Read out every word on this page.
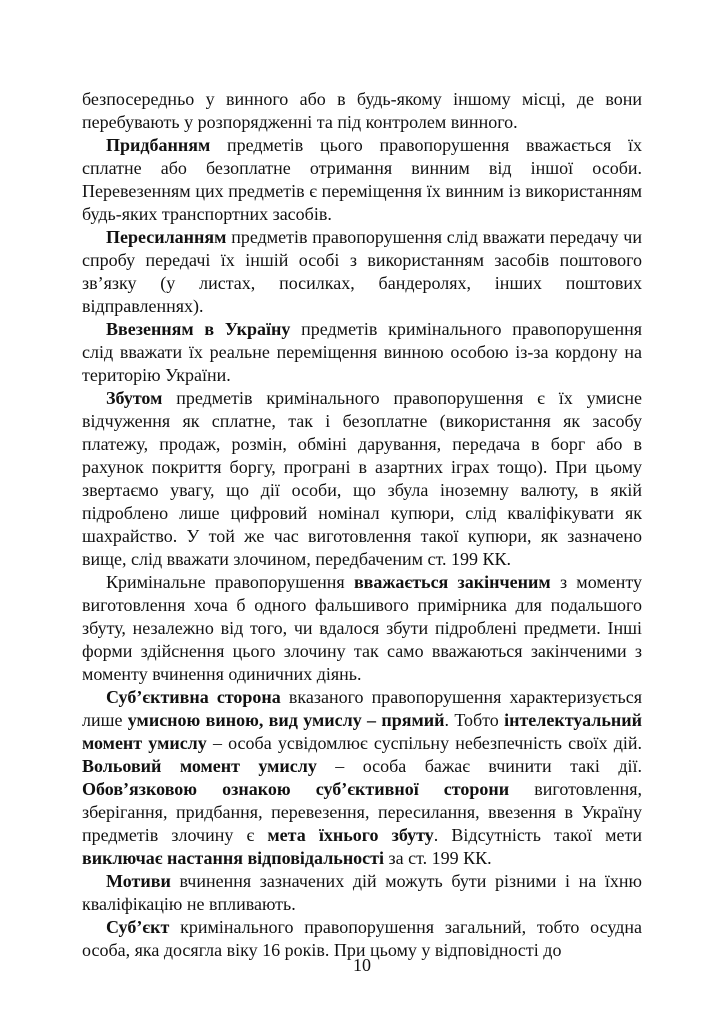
безпосередньо у винного або в будь-якому іншому місці, де вони перебувають у розпорядженні та під контролем винного.

Придбанням предметів цього правопорушення вважається їх сплатне або безоплатне отримання винним від іншої особи. Перевезенням цих предметів є переміщення їх винним із використанням будь-яких транспортних засобів.

Пересиланням предметів правопорушення слід вважати передачу чи спробу передачі їх іншій особі з використанням засобів поштового зв’язку (у листах, посилках, бандеролях, інших поштових відправленнях).

Ввезенням в Україну предметів кримінального правопорушення слід вважати їх реальне переміщення винною особою із-за кордону на територію України.

Збутом предметів кримінального правопорушення є їх умисне відчуження як сплатне, так і безоплатне (використання як засобу платежу, продаж, розмін, обміні дарування, передача в борг або в рахунок покриття боргу, програні в азартних іграх тощо). При цьому звертаємо увагу, що дії особи, що збула іноземну валюту, в якій підроблено лише цифровий номінал купюри, слід кваліфікувати як шахрайство. У той же час виготовлення такої купюри, як зазначено вище, слід вважати злочином, передбаченим ст. 199 КК.

Кримінальне правопорушення вважається закінченим з моменту виготовлення хоча б одного фальшивого примірника для подальшого збуту, незалежно від того, чи вдалося збути підроблені предмети. Інші форми здійснення цього злочину так само вважаються закінченими з моменту вчинення одиничних діянь.

Суб’єктивна сторона вказаного правопорушення характеризується лише умисною виною, вид умислу – прямий. Тобто інтелектуальний момент умислу – особа усвідомлює суспільну небезпечність своїх дій. Вольовий момент умислу – особа бажає вчинити такі дії. Обов’язковою ознакою суб’єктивної сторони виготовлення, зберігання, придбання, перевезення, пересилання, ввезення в Україну предметів злочину є мета їхнього збуту. Відсутність такої мети виключає настання відповідальності за ст. 199 КК.

Мотиви вчинення зазначених дій можуть бути різними і на їхню кваліфікацію не впливають.

Суб’єкт кримінального правопорушення загальний, тобто осудна особа, яка досягла віку 16 років. При цьому у відповідності до

10
